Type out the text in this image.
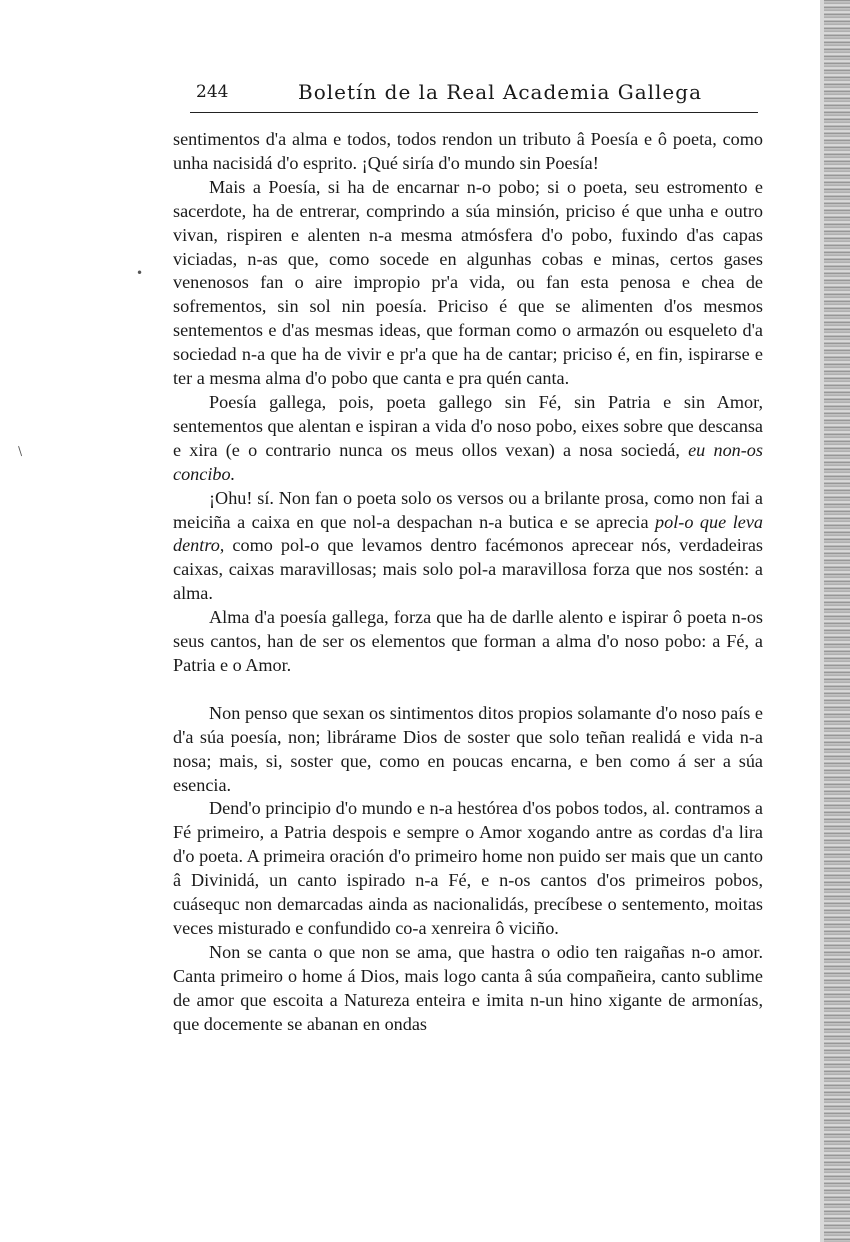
244	Boletín de la Real Academia Gallega
•
/

sentimentos d'a alma e todos, todos rendon un tributo â Poesía e ô poeta, como unha nacisidá d'o esprito. ¡Qué siría d'o mundo sin Poesía!

Mais a Poesía, si ha de encarnar n-o pobo; si o poeta, seu estromento e sacerdote, ha de entrerar, comprindo a súa minsión, priciso é que unha e outro vivan, rispiren e alenten n-a mesma atmósfera d'o pobo, fuxindo d'as capas viciadas, n-as que, como socede en algunhas cobas e minas, certos gases venenosos fan o aire impropio pr'a vida, ou fan esta penosa e chea de sofrementos, sin sol nin poesía. Priciso é que se alimenten d'os mesmos sentementos e d'as mesmas ideas, que forman como o armazón ou esqueleto d'a sociedad n-a que ha de vivir e pr'a que ha de cantar; priciso é, en fin, ispirarse e ter a mesma alma d'o pobo que canta e pra quén canta.

Poesía gallega, pois, poeta gallego sin Fé, sin Patria e sin Amor, sentementos que alentan e ispiran a vida d'o noso pobo, eixes sobre que descansa e xira (e o contrario nunca os meus ollos vexan) a nosa sociedá, eu non-os concibo.

¡Ohu! sí. Non fan o poeta solo os versos ou a brilante prosa, como non fai a meiciña a caixa en que nol-a despachan n-a butica e se aprecia pol-o que leva dentro, como pol-o que levamos dentro facémonos aprecear nós, verdadeiras caixas, caixas maravillosas; mais solo pol-a maravillosa forza que nos sostén: a alma.

Alma d'a poesía gallega, forza que ha de darlle alento e ispirar ô poeta n-os seus cantos, han de ser os elementos que forman a alma d'o noso pobo: a Fé, a Patria e o Amor.

Non penso que sexan os sintimentos ditos propios solamante d'o noso país e d'a súa poesía, non; librárame Dios de soster que solo teñan realidá e vida n-a nosa; mais, si, soster que, como en poucas encarna, e ben como á ser a súa esencia.

Dend'o principio d'o mundo e n-a hestórea d'os pobos todos, al. contramos a Fé primeiro, a Patria despois e sempre o Amor xogando antre as cordas d'a lira d'o poeta. A primeira oración d'o primeiro home non puido ser mais que un canto â Divinidá, un canto ispirado n-a Fé, e n-os cantos d'os primeiros pobos, cuásequc non demarcadas ainda as nacionalidás, precíbese o sentemento, moitas veces misturado e confundido co-a xenreira ô viciño.

Non se canta o que non se ama, que hastra o odio ten raigañas n-o amor. Canta primeiro o home á Dios, mais logo canta â súa compañeira, canto sublime de amor que escoita a Natureza enteira e imita n-un hino xigante de armonías, que docemente se abanan en ondas
